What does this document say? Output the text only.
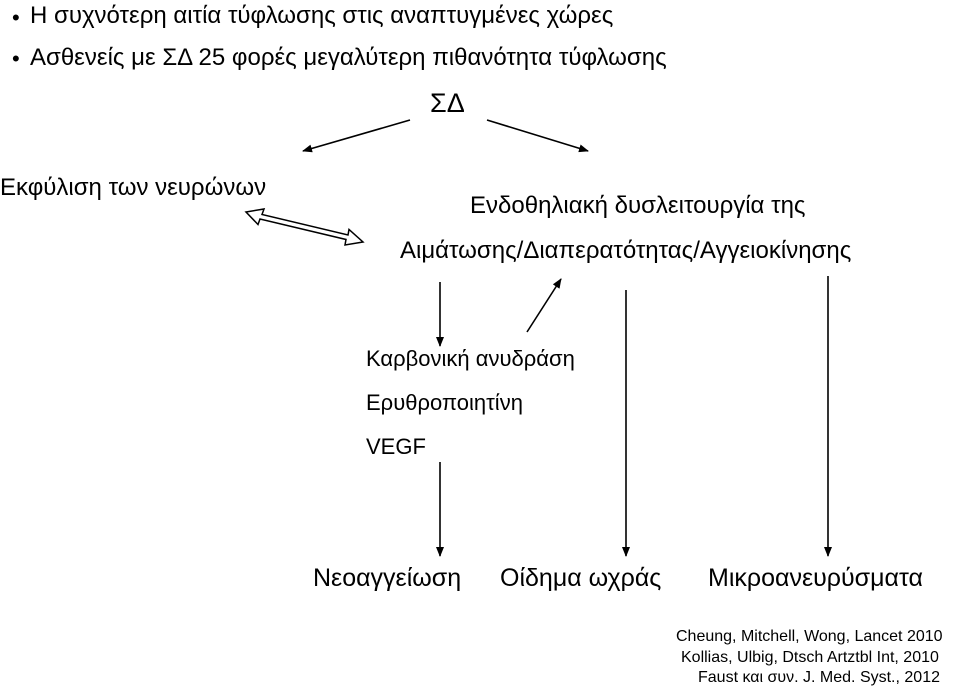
• Η συχνότερη αιτία τύφλωσης στις αναπτυγμένες χώρες
• Ασθενείς με ΣΔ 25 φορές μεγαλύτερη πιθανότητα τύφλωσης
ΣΔ
Εκφύλιση των νευρώνων
Ενδοθηλιακή δυσλειτουργία της
Αιμάτωσης/Διαπερατότητας/Αγγειοκίνησης
Καρβονική ανυδράση
Ερυθροποιητίνη
VEGF
Νεοαγγείωση Οίδημα ωχράς Μικροανευρύσματα
Cheung, Mitchell, Wong, Lancet 2010
Kollias, Ulbig, Dtsch Artztbl Int, 2010
Faust και συν. J. Med. Syst., 2012
